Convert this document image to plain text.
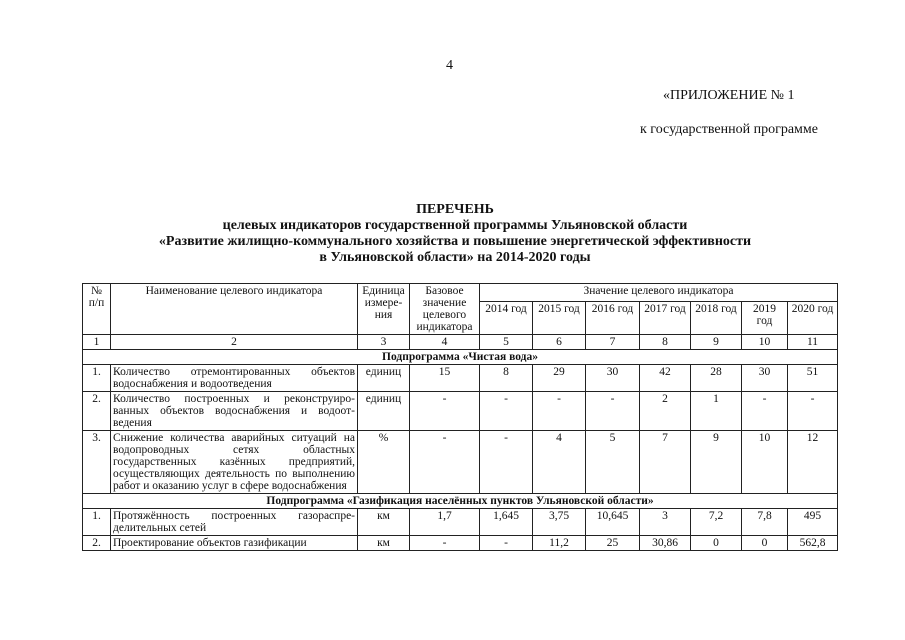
4
«ПРИЛОЖЕНИЕ № 1
к государственной программе
ПЕРЕЧЕНЬ
целевых индикаторов государственной программы Ульяновской области
«Развитие жилищно-коммунального хозяйства и повышение энергетической эффективности
в Ульяновской области» на 2014-2020 годы
№ п/п	Наименование целевого индикатора	Единица измере-ния	Базовое значение целевого индикатора	Значение целевого индикатора						
				2014 год	2015 год	2016 год	2017 год	2018 год	2019 год	2020 год
1	2	3	4	5	6	7	8	9	10	11
Подпрограмма «Чистая вода»										
1.	Количество отремонтированных объектов водоснабжения и водоотведения	единиц	15	8	29	30	42	28	30	51
2.	Количество построенных и реконструиро-ванных объектов водоснабжения и водоот-ведения	единиц	-	-	-	-	2	1	-	-
3.	Снижение количества аварийных ситуаций на водопроводных сетях областных государственных казённых предприятий, осуществляющих деятельность по выполнению работ и оказанию услуг в сфере водоснабжения	%	-	-	4	5	7	9	10	12
Подпрограмма «Газификация населённых пунктов Ульяновской области»										
1.	Протяжённость построенных газораспре-делительных сетей	км	1,7	1,645	3,75	10,645	3	7,2	7,8	495
2.	Проектирование объектов газификации	км	-	-	11,2	25	30,86	0	0	562,8
